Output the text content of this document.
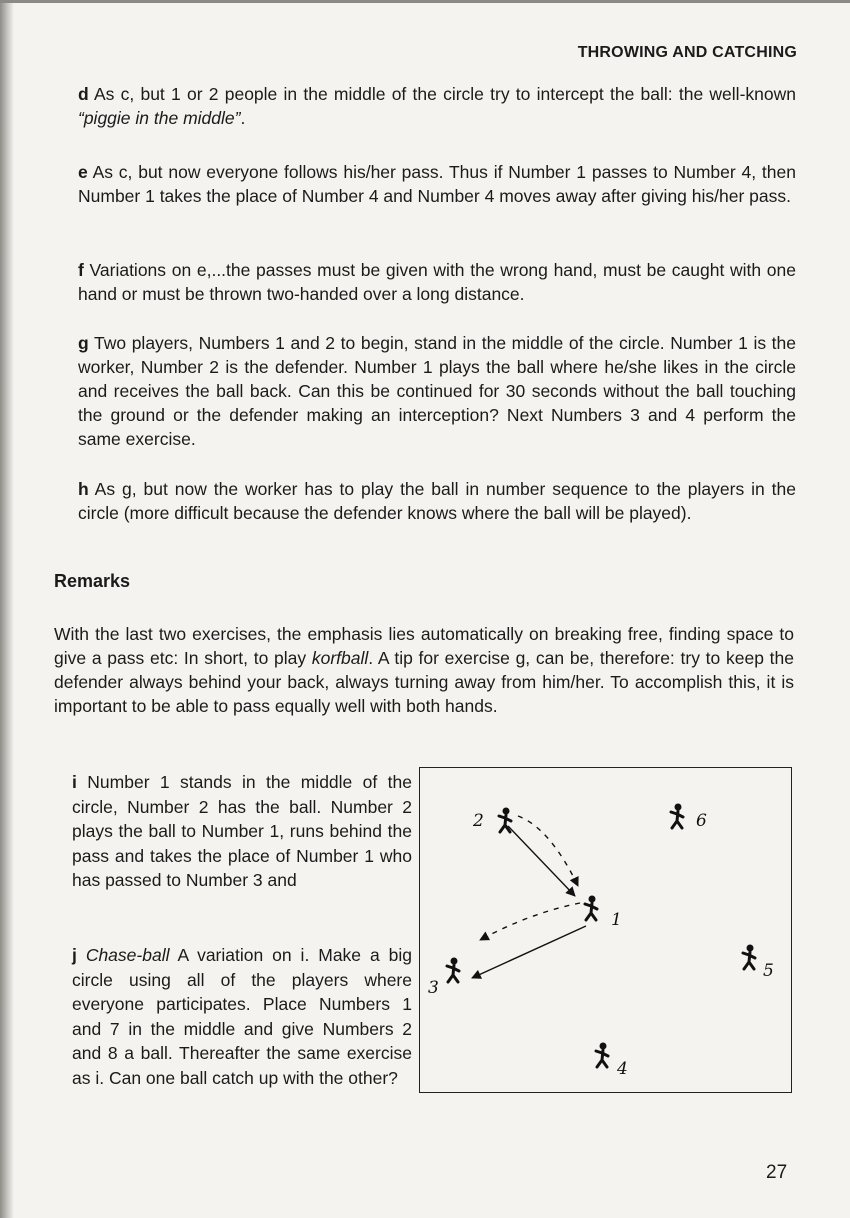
THROWING AND CATCHING

d As c, but 1 or 2 people in the middle of the circle try to intercept the ball: the well-known “piggie in the middle”.

e As c, but now everyone follows his/her pass. Thus if Number 1 passes to Number 4, then Number 1 takes the place of Number 4 and Number 4 moves away after giving his/her pass.

f Variations on e,...the passes must be given with the wrong hand, must be caught with one hand or must be thrown two-handed over a long distance.

g Two players, Numbers 1 and 2 to begin, stand in the middle of the circle. Number 1 is the worker, Number 2 is the defender. Number 1 plays the ball where he/she likes in the circle and receives the ball back. Can this be continued for 30 seconds without the ball touching the ground or the defender making an interception? Next Numbers 3 and 4 perform the same exercise.

h As g, but now the worker has to play the ball in number sequence to the players in the circle (more difficult because the defender knows where the ball will be played).

Remarks

With the last two exercises, the emphasis lies automatically on breaking free, finding space to give a pass etc: In short, to play korfball. A tip for exercise g, can be, therefore: try to keep the defender always behind your back, always turning away from him/her. To accomplish this, it is important to be able to pass equally well with both hands.

i Number 1 stands in the middle of the circle, Number 2 has the ball. Number 2 plays the ball to Number 1, runs behind the pass and takes the place of Number 1 who has passed to Number 3 and

j Chase-ball A variation on i. Make a big circle using all of the players where everyone participates. Place Numbers 1 and 7 in the middle and give Numbers 2 and 8 a ball. Thereafter the same exercise as i. Can one ball catch up with the other?

2	6
1
3
5
4
27
